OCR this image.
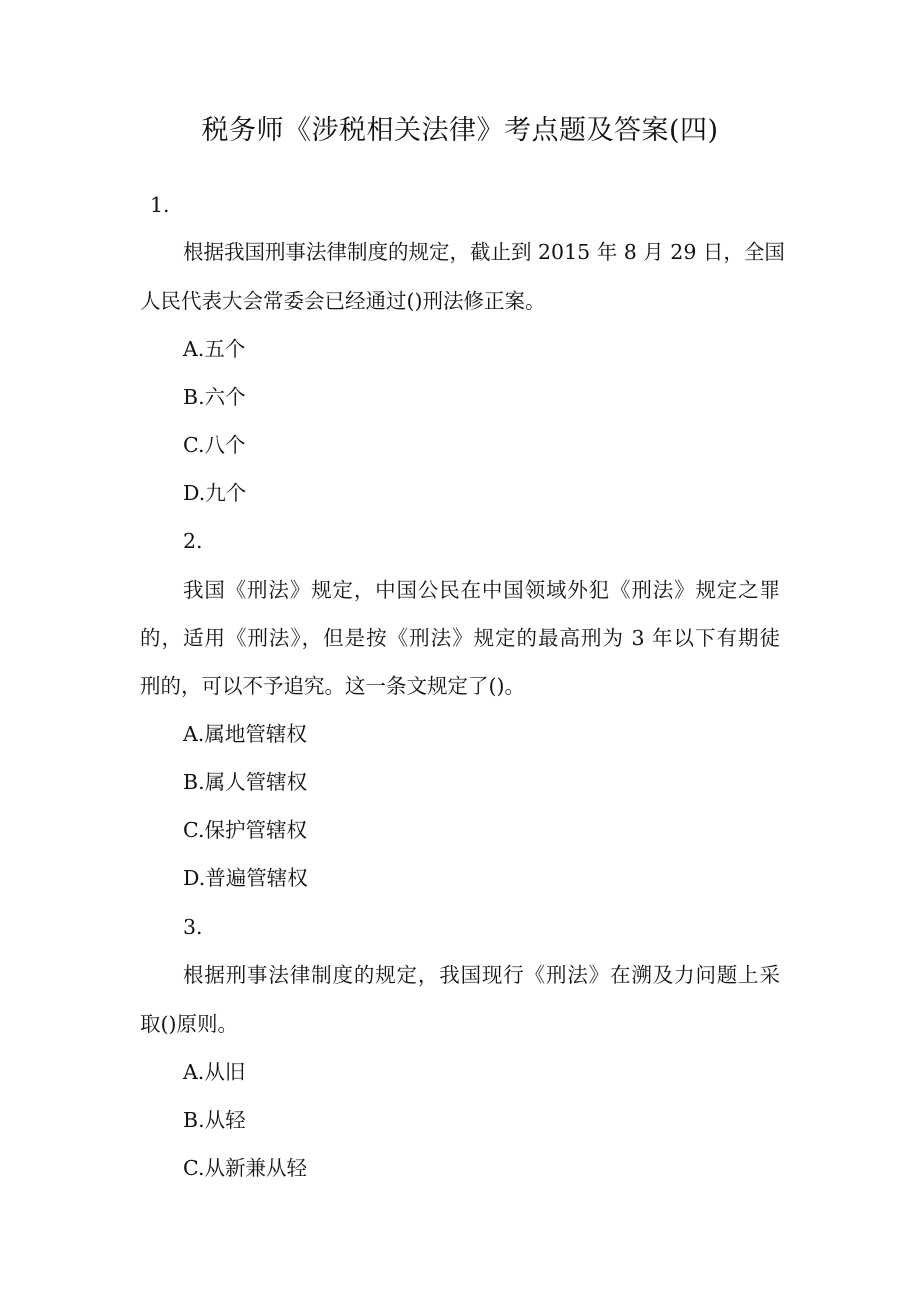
税务师《涉税相关法律》考点题及答案(四)
1.
根据我国刑事法律制度的规定，截止到 2015 年 8 月 29 日，全国
人民代表大会常委会已经通过()刑法修正案。
A.五个
B.六个
C.八个
D.九个
2.
我国《刑法》规定，中国公民在中国领域外犯《刑法》规定之罪
的，适用《刑法》，但是按《刑法》规定的最高刑为 3 年以下有期徒
刑的，可以不予追究。这一条文规定了()。
A.属地管辖权
B.属人管辖权
C.保护管辖权
D.普遍管辖权
3.
根据刑事法律制度的规定，我国现行《刑法》在溯及力问题上采
取()原则。
A.从旧
B.从轻
C.从新兼从轻
